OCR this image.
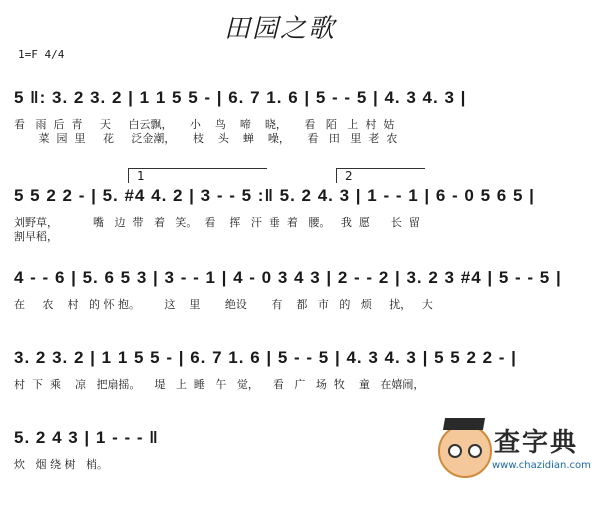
田园之歌
1=F 4/4
5 ‖: 3. 2 3. 2 | 1 1 5 5 - | 6. 7 1. 6 | 5 - - 5 | 4. 3 4. 3 |
看   雨  后  青     天     白云飘，     小    鸟    啼    晓，     看   陌   上  村  姑
菜  园  里     花     泛金潮，     枝    头    蝉    噪，     看   田   里  老  农
1	2
5 5 2 2 - | 5. #4 4. 2 | 3 - - 5 :‖ 5. 2 4. 3 | 1 - - 1 | 6 - 0 5 6 5 |
刘野草，          嘴   边  带   着   笑。  看    挥   汗  垂  着   腰。   我  愿      长  留
割早稻，
4 - - 6 | 5. 6 5 3 | 3 - - 1 | 4 - 0 3 4 3 | 2 - - 2 | 3. 2 3 #4 | 5 - - 5 |
在     农    村   的 怀 抱。       这    里       绝设       有    都   市   的   烦     扰，   大
3. 2 3. 2 | 1 1 5 5 - | 6. 7 1. 6 | 5 - - 5 | 4. 3 4. 3 | 5 5 2 2 - |
村  下  乘    凉   把扇摇。    堤   上  睡   午   觉，    看   广   场  牧    童   在嬉闹，
5. 2 4 3 | 1 - - - ‖
炊   烟 绕 树   梢。
查字典
www.chazidian.com
